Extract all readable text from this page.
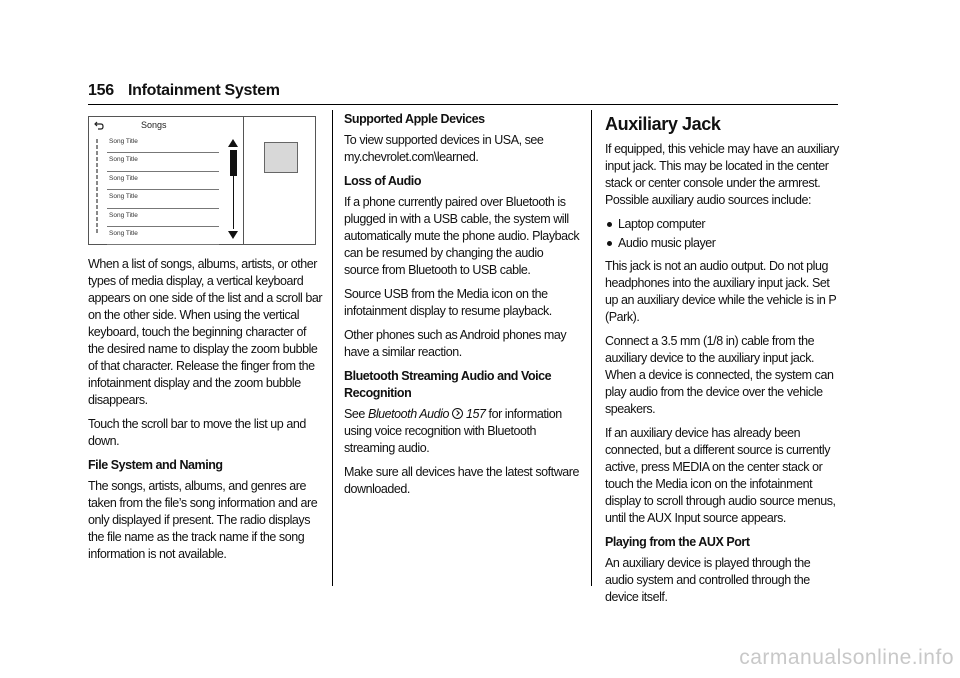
156 Infotainment System
Songs
Song Title
Song Title
Song Title
Song Title
Song Title
Song Title

When a list of songs, albums, artists, or other types of media display, a vertical keyboard appears on one side of the list and a scroll bar on the other side. When using the vertical keyboard, touch the beginning character of the desired name to display the zoom bubble of that character. Release the finger from the infotainment display and the zoom bubble disappears.

Touch the scroll bar to move the list up and down.

File System and Naming

The songs, artists, albums, and genres are taken from the file’s song information and are only displayed if present. The radio displays the file name as the track name if the song information is not available.

Supported Apple Devices

To view supported devices in USA, see my.chevrolet.com\learned.

Loss of Audio

If a phone currently paired over Bluetooth is plugged in with a USB cable, the system will automatically mute the phone audio. Playback can be resumed by changing the audio source from Bluetooth to USB cable.

Source USB from the Media icon on the infotainment display to resume playback.

Other phones such as Android phones may have a similar reaction.

Bluetooth Streaming Audio and Voice Recognition

See Bluetooth Audio 157 for information using voice recognition with Bluetooth streaming audio.

Make sure all devices have the latest software downloaded.

Auxiliary Jack

If equipped, this vehicle may have an auxiliary input jack. This may be located in the center stack or center console under the armrest. Possible auxiliary audio sources include:

Laptop computer
Audio music player

This jack is not an audio output. Do not plug headphones into the auxiliary input jack. Set up an auxiliary device while the vehicle is in P (Park).

Connect a 3.5 mm (1/8 in) cable from the auxiliary device to the auxiliary input jack. When a device is connected, the system can play audio from the device over the vehicle speakers.

If an auxiliary device has already been connected, but a different source is currently active, press MEDIA on the center stack or touch the Media icon on the infotainment display to scroll through audio source menus, until the AUX Input source appears.

Playing from the AUX Port

An auxiliary device is played through the audio system and controlled through the device itself.

carmanualsonline.info
